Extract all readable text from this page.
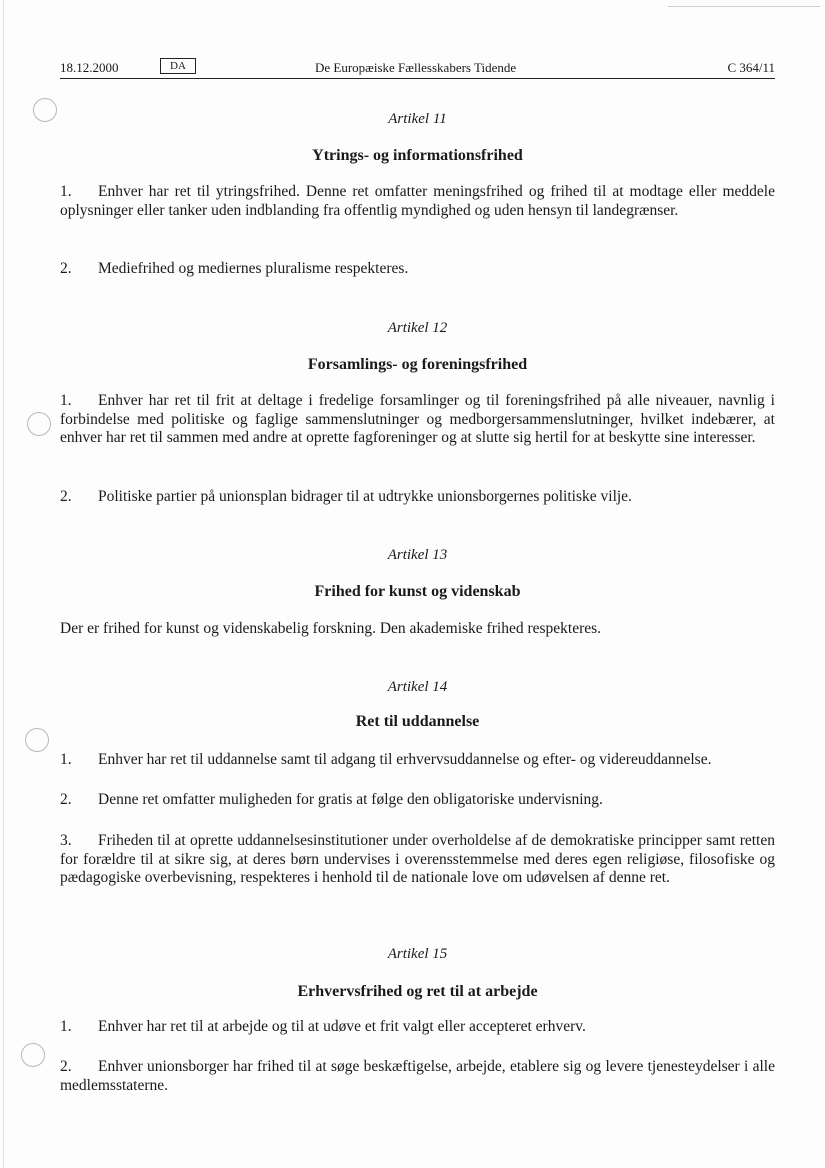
18.12.2000	DA	De Europæiske Fællesskabers Tidende	C 364/11
Artikel 11
Ytrings- og informationsfrihed
1. Enhver har ret til ytringsfrihed. Denne ret omfatter meningsfrihed og frihed til at modtage eller meddele oplysninger eller tanker uden indblanding fra offentlig myndighed og uden hensyn til landegrænser.
2. Mediefrihed og mediernes pluralisme respekteres.
Artikel 12
Forsamlings- og foreningsfrihed
1. Enhver har ret til frit at deltage i fredelige forsamlinger og til foreningsfrihed på alle niveauer, navnlig i forbindelse med politiske og faglige sammenslutninger og medborgersammenslutninger, hvilket indebærer, at enhver har ret til sammen med andre at oprette fagforeninger og at slutte sig hertil for at beskytte sine interesser.
2. Politiske partier på unionsplan bidrager til at udtrykke unionsborgernes politiske vilje.
Artikel 13
Frihed for kunst og videnskab
Der er frihed for kunst og videnskabelig forskning. Den akademiske frihed respekteres.
Artikel 14
Ret til uddannelse
1. Enhver har ret til uddannelse samt til adgang til erhvervsuddannelse og efter- og videreuddannelse.
2. Denne ret omfatter muligheden for gratis at følge den obligatoriske undervisning.
3. Friheden til at oprette uddannelsesinstitutioner under overholdelse af de demokratiske principper samt retten for forældre til at sikre sig, at deres børn undervises i overensstemmelse med deres egen religiøse, filosofiske og pædagogiske overbevisning, respekteres i henhold til de nationale love om udøvelsen af denne ret.
Artikel 15
Erhvervsfrihed og ret til at arbejde
1. Enhver har ret til at arbejde og til at udøve et frit valgt eller accepteret erhverv.
2. Enhver unionsborger har frihed til at søge beskæftigelse, arbejde, etablere sig og levere tjenesteydelser i alle medlemsstaterne.
